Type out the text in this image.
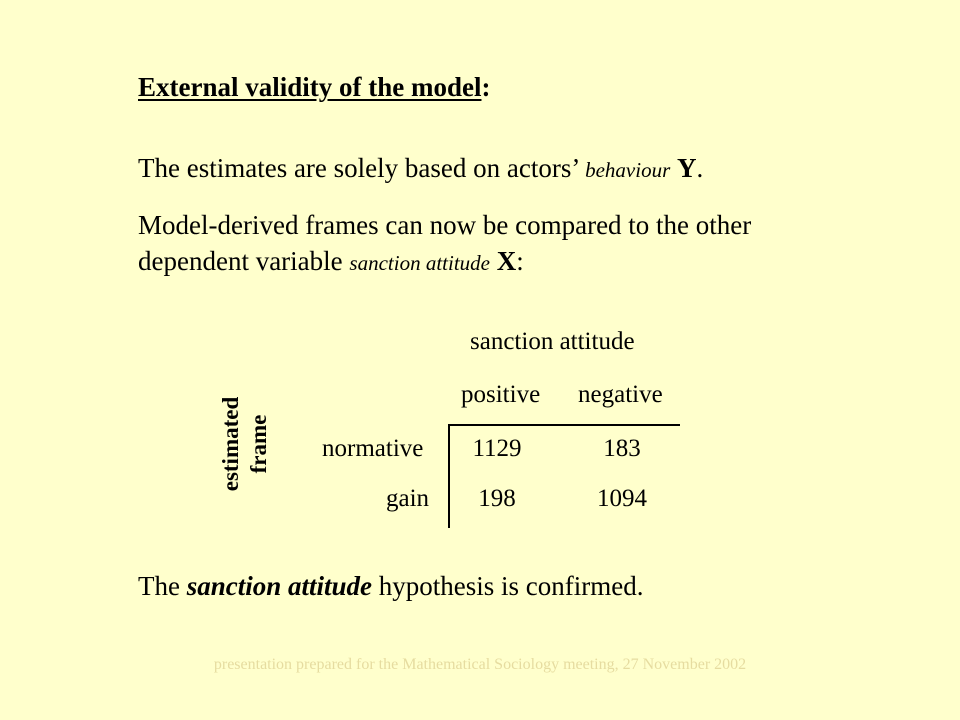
External validity of the model:
The estimates are solely based on actors’ behaviour Y.
Model-derived frames can now be compared to the other
dependent variable sanction attitude X:
sanction attitude
positive negative
estimated frame normative
gain
1129	183
198	1094
The sanction attitude hypothesis is confirmed.
presentation prepared for the Mathematical Sociology meeting, 27 November 2002
